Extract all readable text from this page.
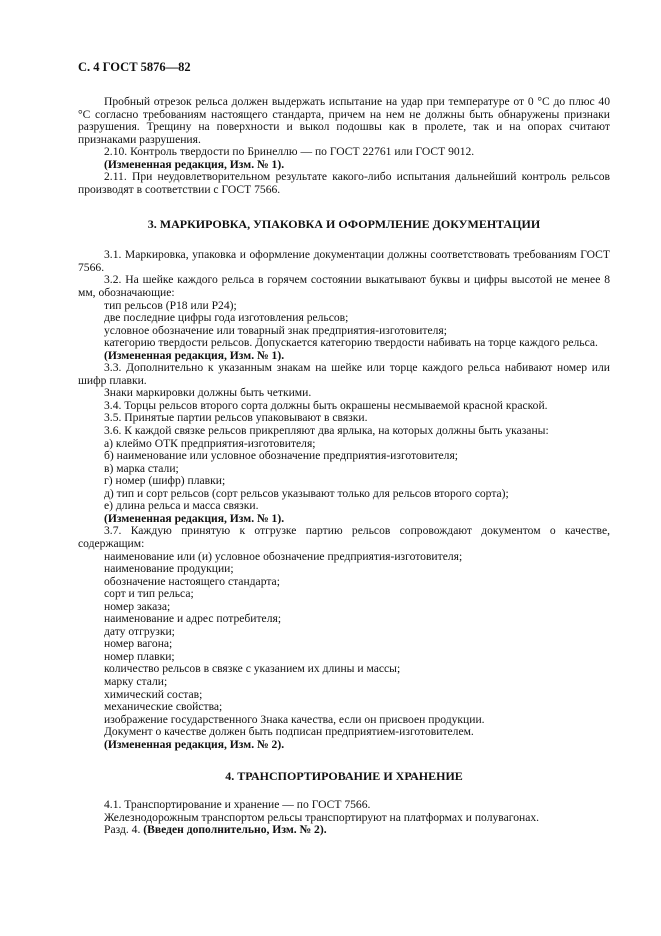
С. 4 ГОСТ 5876—82

Пробный отрезок рельса должен выдержать испытание на удар при температуре от 0 °С до плюс 40 °С согласно требованиям настоящего стандарта, причем на нем не должны быть обнаружены признаки разрушения. Трещину на поверхности и выкол подошвы как в пролете, так и на опорах считают признаками разрушения.

2.10. Контроль твердости по Бринеллю — по ГОСТ 22761 или ГОСТ 9012.

(Измененная редакция, Изм. № 1).

2.11. При неудовлетворительном результате какого-либо испытания дальнейший контроль рельсов производят в соответствии с ГОСТ 7566.

3. МАРКИРОВКА, УПАКОВКА И ОФОРМЛЕНИЕ ДОКУМЕНТАЦИИ

3.1. Маркировка, упаковка и оформление документации должны соответствовать требованиям ГОСТ 7566.

3.2. На шейке каждого рельса в горячем состоянии выкатывают буквы и цифры высотой не менее 8 мм, обозначающие:

тип рельсов (Р18 или Р24);

две последние цифры года изготовления рельсов;

условное обозначение или товарный знак предприятия-изготовителя;

категорию твердости рельсов. Допускается категорию твердости набивать на торце каждого рельса.

(Измененная редакция, Изм. № 1).

3.3. Дополнительно к указанным знакам на шейке или торце каждого рельса набивают номер или шифр плавки.

Знаки маркировки должны быть четкими.

3.4. Торцы рельсов второго сорта должны быть окрашены несмываемой красной краской.

3.5. Принятые партии рельсов упаковывают в связки.

3.6. К каждой связке рельсов прикрепляют два ярлыка, на которых должны быть указаны:

а) клеймо ОТК предприятия-изготовителя;

б) наименование или условное обозначение предприятия-изготовителя;

в) марка стали;

г) номер (шифр) плавки;

д) тип и сорт рельсов (сорт рельсов указывают только для рельсов второго сорта);

е) длина рельса и масса связки.

(Измененная редакция, Изм. № 1).

3.7. Каждую принятую к отгрузке партию рельсов сопровождают документом о качестве, содержащим:

наименование или (и) условное обозначение предприятия-изготовителя;

наименование продукции;

обозначение настоящего стандарта;

сорт и тип рельса;

номер заказа;

наименование и адрес потребителя;

дату отгрузки;

номер вагона;

номер плавки;

количество рельсов в связке с указанием их длины и массы;

марку стали;

химический состав;

механические свойства;

изображение государственного Знака качества, если он присвоен продукции.

Документ о качестве должен быть подписан предприятием-изготовителем.

(Измененная редакция, Изм. № 2).

4. ТРАНСПОРТИРОВАНИЕ И ХРАНЕНИЕ

4.1. Транспортирование и хранение — по ГОСТ 7566.

Железнодорожным транспортом рельсы транспортируют на платформах и полувагонах.

Разд. 4. (Введен дополнительно, Изм. № 2).
